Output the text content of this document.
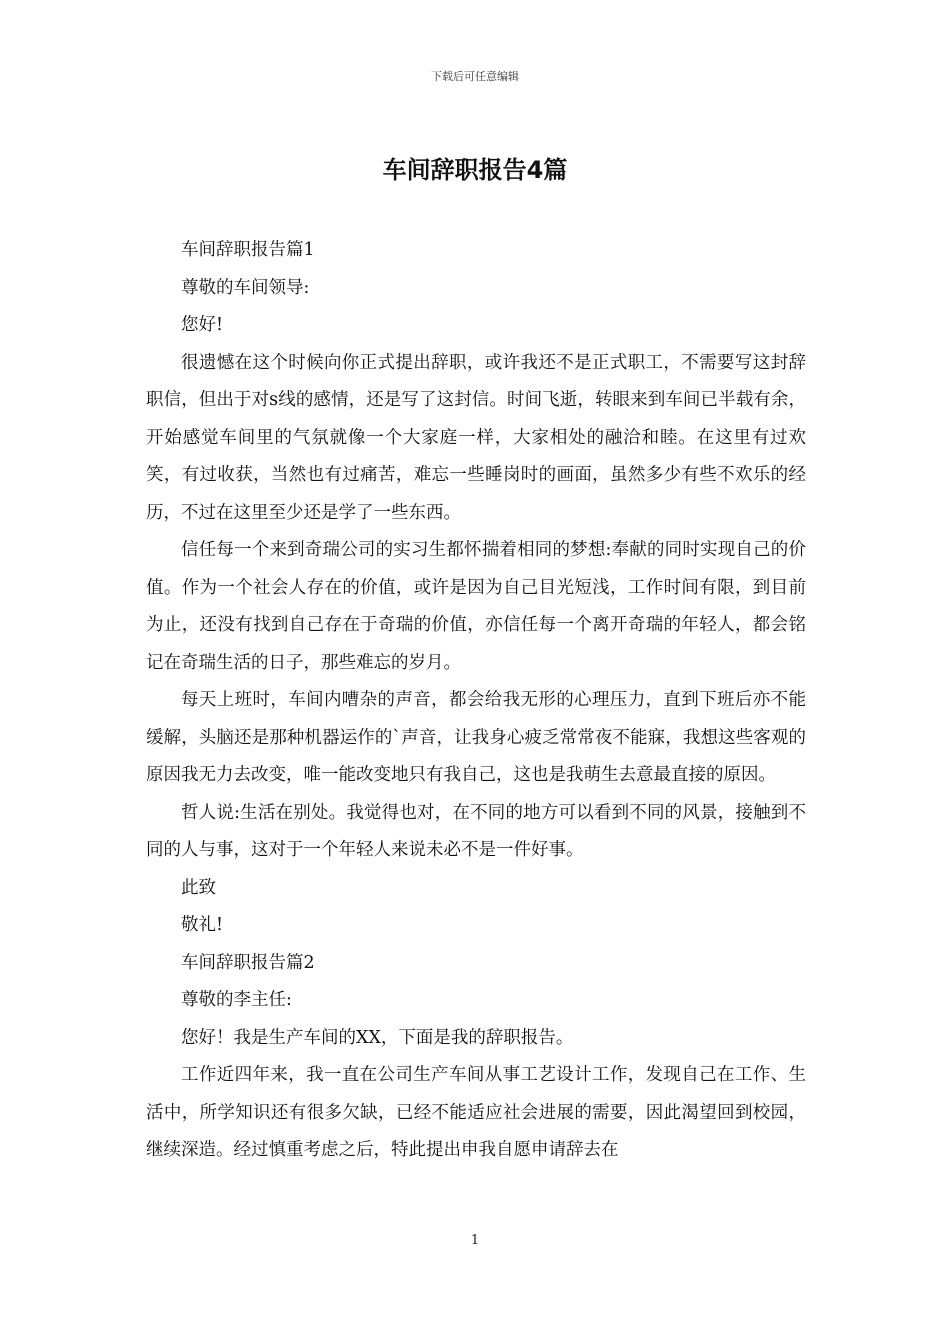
下载后可任意编辑
车间辞职报告4篇

车间辞职报告篇1

尊敬的车间领导:

您好!

很遗憾在这个时候向你正式提出辞职，或许我还不是正式职工，不需要写这封辞职信，但出于对s线的感情，还是写了这封信。时间飞逝，转眼来到车间已半载有余，开始感觉车间里的气氛就像一个大家庭一样，大家相处的融洽和睦。在这里有过欢笑，有过收获，当然也有过痛苦，难忘一些睡岗时的画面，虽然多少有些不欢乐的经历，不过在这里至少还是学了一些东西。

信任每一个来到奇瑞公司的实习生都怀揣着相同的梦想:奉献的同时实现自己的价值。作为一个社会人存在的价值，或许是因为自己目光短浅，工作时间有限，到目前为止，还没有找到自己存在于奇瑞的价值，亦信任每一个离开奇瑞的年轻人，都会铭记在奇瑞生活的日子，那些难忘的岁月。

每天上班时，车间内嘈杂的声音，都会给我无形的心理压力，直到下班后亦不能缓解，头脑还是那种机器运作的`声音，让我身心疲乏常常夜不能寐，我想这些客观的原因我无力去改变，唯一能改变地只有我自己，这也是我萌生去意最直接的原因。

哲人说:生活在别处。我觉得也对，在不同的地方可以看到不同的风景，接触到不同的人与事，这对于一个年轻人来说未必不是一件好事。

此致

敬礼!

车间辞职报告篇2

尊敬的李主任:

您好！我是生产车间的XX，下面是我的辞职报告。

工作近四年来，我一直在公司生产车间从事工艺设计工作，发现自己在工作、生活中，所学知识还有很多欠缺，已经不能适应社会进展的需要，因此渴望回到校园，继续深造。经过慎重考虑之后，特此提出申我自愿申请辞去在

1
